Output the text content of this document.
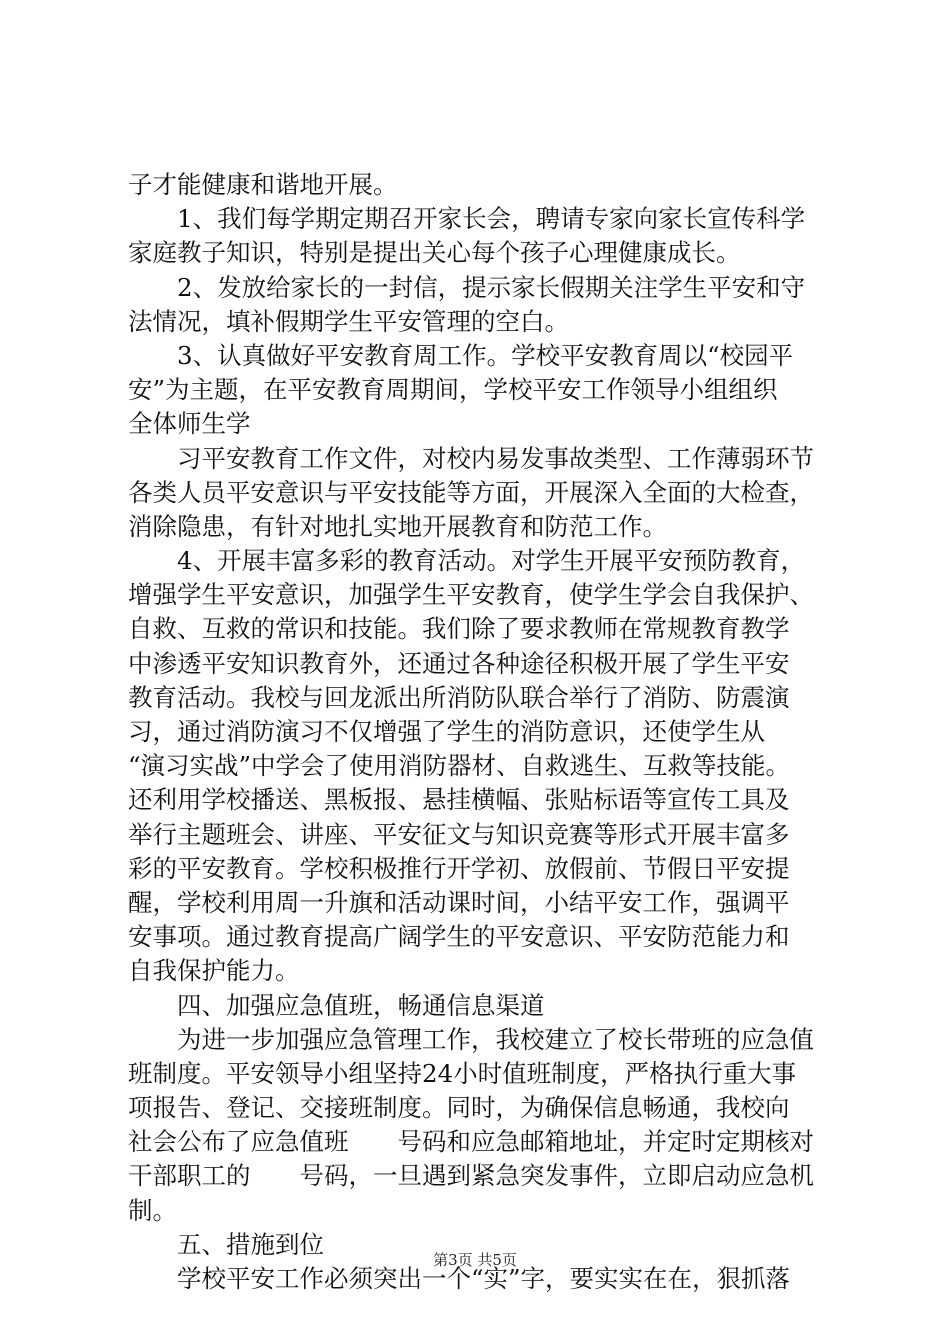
子才能健康和谐地开展。
1、我们每学期定期召开家长会，聘请专家向家长宣传科学
家庭教子知识，特别是提出关心每个孩子心理健康成长。
2、发放给家长的一封信，提示家长假期关注学生平安和守
法情况，填补假期学生平安管理的空白。
3、认真做好平安教育周工作。学校平安教育周以“校园平
安”为主题，在平安教育周期间，学校平安工作领导小组组织
全体师生学
习平安教育工作文件，对校内易发事故类型、工作薄弱环节
各类人员平安意识与平安技能等方面，开展深入全面的大检查，
消除隐患，有针对地扎实地开展教育和防范工作。
4、开展丰富多彩的教育活动。对学生开展平安预防教育，
增强学生平安意识，加强学生平安教育，使学生学会自我保护、
自救、互救的常识和技能。我们除了要求教师在常规教育教学
中渗透平安知识教育外，还通过各种途径积极开展了学生平安
教育活动。我校与回龙派出所消防队联合举行了消防、防震演
习，通过消防演习不仅增强了学生的消防意识，还使学生从
“演习实战”中学会了使用消防器材、自救逃生、互救等技能。
还利用学校播送、黑板报、悬挂横幅、张贴标语等宣传工具及
举行主题班会、讲座、平安征文与知识竞赛等形式开展丰富多
彩的平安教育。学校积极推行开学初、放假前、节假日平安提
醒，学校利用周一升旗和活动课时间，小结平安工作，强调平
安事项。通过教育提高广阔学生的平安意识、平安防范能力和
自我保护能力。
四、加强应急值班，畅通信息渠道
为进一步加强应急管理工作，我校建立了校长带班的应急值
班制度。平安领导小组坚持24小时值班制度，严格执行重大事
项报告、登记、交接班制度。同时，为确保信息畅通，我校向
社会公布了应急值班　　号码和应急邮箱地址，并定时定期核对
干部职工的　　号码，一旦遇到紧急突发事件，立即启动应急机
制。
五、措施到位
学校平安工作必须突出一个“实”字，要实实在在，狠抓落
第3页 共5页
